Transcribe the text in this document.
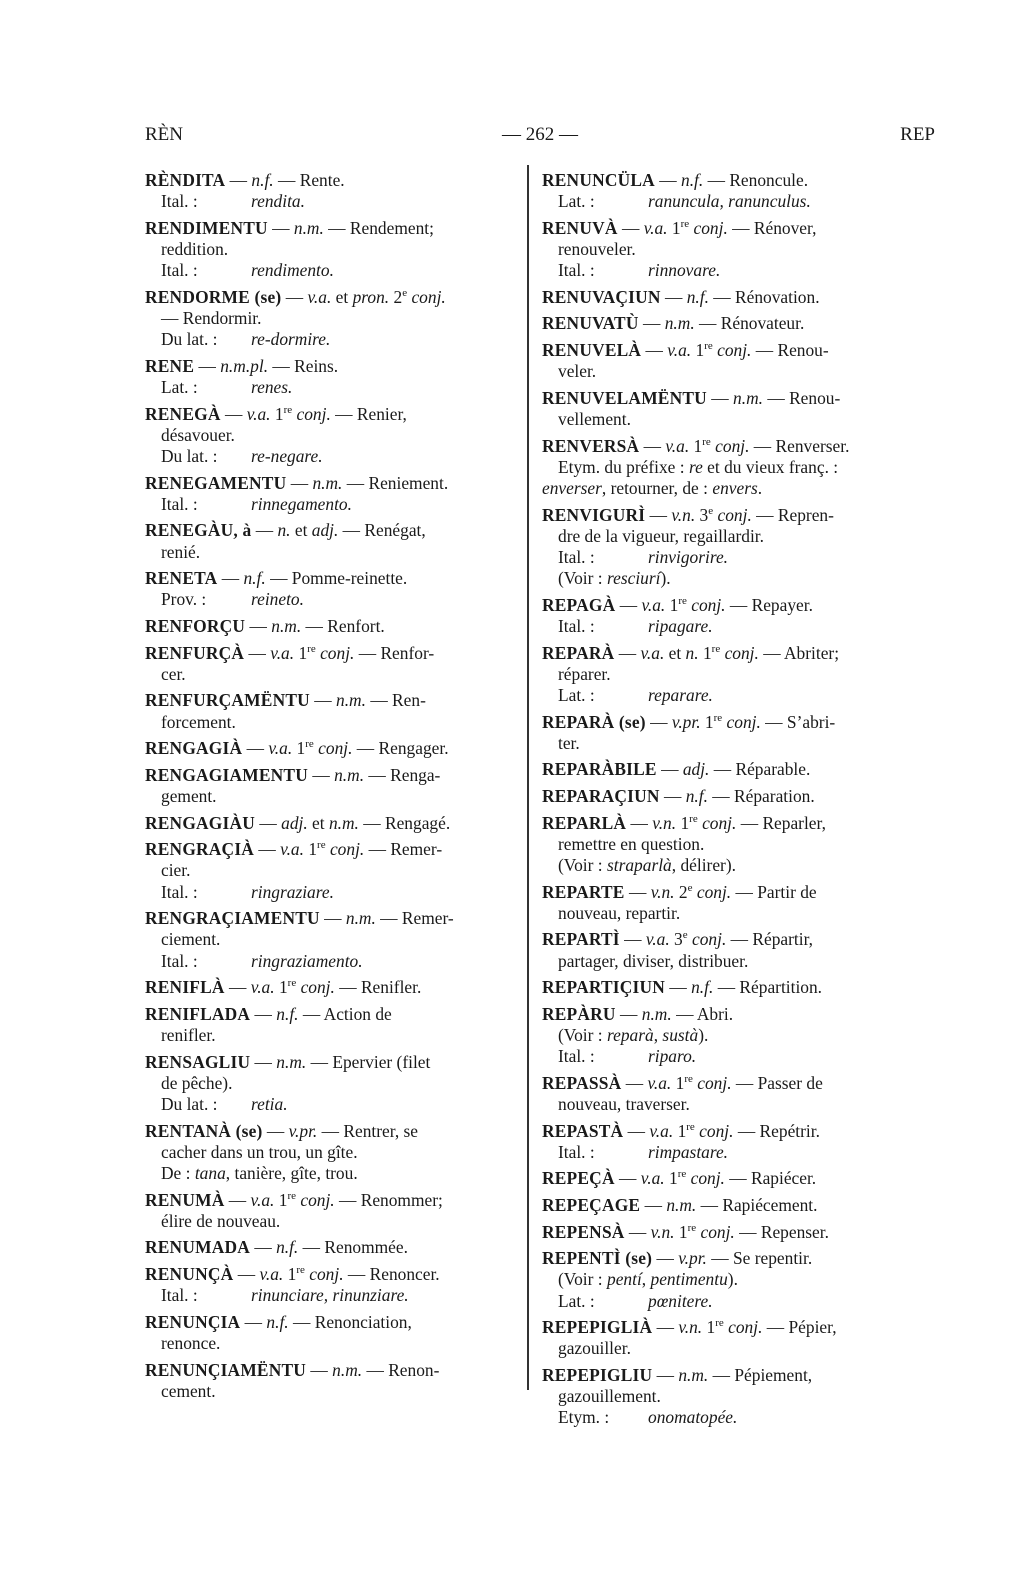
RÈN	— 262 —	REP

RÈNDITA — n.f. — Rente.

Ital. :	rendita.

RENDIMENTU — n.m. — Rendement;

reddition.

Ital. :	rendimento.

RENDORME (se) — v.a. et pron. 2e conj.

— Rendormir.

Du lat. : re-dormire.

RENE — n.m.pl. — Reins.

Lat. :	renes.

RENEGÀ — v.a. 1re conj. — Renier,

désavouer.

Du lat. : re-negare.

RENEGAMENTU — n.m. — Reniement.

Ital. :	rinnegamento.

RENEGÀU, à — n. et adj. — Renégat,

renié.

RENETA — n.f. — Pomme-reinette.

Prov. :	reineto.

RENFORÇU — n.m. — Renfort.

RENFURÇÀ — v.a. 1re conj. — Renfor-

cer.

RENFURÇAMËNTU — n.m. — Ren-

forcement.

RENGAGIÀ — v.a. 1re conj. — Rengager.

RENGAGIAMENTU — n.m. — Renga-

gement.

RENGAGIÀU — adj. et n.m. — Rengagé.

RENGRAÇIÀ — v.a. 1re conj. — Remer-

cier.

Ital. :	ringraziare.

RENGRAÇIAMENTU — n.m. — Remer-

ciement.

Ital. :	ringraziamento.

RENIFLÀ — v.a. 1re conj. — Renifler.

RENIFLADA — n.f. — Action de

renifler.

RENSAGLIU — n.m. — Epervier (filet

de pêche).

Du lat. : retia.

RENTANÀ (se) — v.pr. — Rentrer, se

cacher dans un trou, un gîte.

De : tana, tanière, gîte, trou.

RENUMÀ — v.a. 1re conj. — Renommer;

élire de nouveau.

RENUMADA — n.f. — Renommée.

RENUNÇÀ — v.a. 1re conj. — Renoncer.

Ital. :	rinunciare, rinunziare.

RENUNÇIA — n.f. — Renonciation,

renonce.

RENUNÇIAMËNTU — n.m. — Renon-

cement.

RENUNCÜLA — n.f. — Renoncule.

Lat. :	ranuncula, ranunculus.

RENUVÀ — v.a. 1re conj. — Rénover,

renouveler.

Ital. :	rinnovare.

RENUVAÇIUN — n.f. — Rénovation.

RENUVATÙ — n.m. — Rénovateur.

RENUVELÀ — v.a. 1re conj. — Renou-

veler.

RENUVELAMËNTU — n.m. — Renou-

vellement.

RENVERSÀ — v.a. 1re conj. — Renverser.

Etym. du préfixe : re et du vieux franç. :

enverser, retourner, de : envers.

RENVIGURÌ — v.n. 3e conj. — Repren-

dre de la vigueur, regaillardir.

Ital. :	rinvigorire.

(Voir : resciurí).

REPAGÀ — v.a. 1re conj. — Repayer.

Ital. :	ripagare.

REPARÀ — v.a. et n. 1re conj. — Abriter;

réparer.

Lat. :	reparare.

REPARÀ (se) — v.pr. 1re conj. — S’abri-

ter.

REPARÀBILE — adj. — Réparable.

REPARAÇIUN — n.f. — Réparation.

REPARLÀ — v.n. 1re conj. — Reparler,

remettre en question.

(Voir : straparlà, délirer).

REPARTE — v.n. 2e conj. — Partir de

nouveau, repartir.

REPARTÌ — v.a. 3e conj. — Répartir,

partager, diviser, distribuer.

REPARTIÇIUN — n.f. — Répartition.

REPÀRU — n.m. — Abri.

(Voir : reparà, sustà).

Ital. :	riparo.

REPASSÀ — v.a. 1re conj. — Passer de

nouveau, traverser.

REPASTÀ — v.a. 1re conj. — Repétrir.

Ital. :	rimpastare.

REPEÇÀ — v.a. 1re conj. — Rapiécer.

REPEÇAGE — n.m. — Rapiécement.

REPENSÀ — v.n. 1re conj. — Repenser.

REPENTÌ (se) — v.pr. — Se repentir.

(Voir : pentí, pentimentu).

Lat. :	pœnitere.

REPEPIGLIÀ — v.n. 1re conj. — Pépier,

gazouiller.

REPEPIGLIU — n.m. — Pépiement,

gazouillement.

Etym. : onomatopée.
